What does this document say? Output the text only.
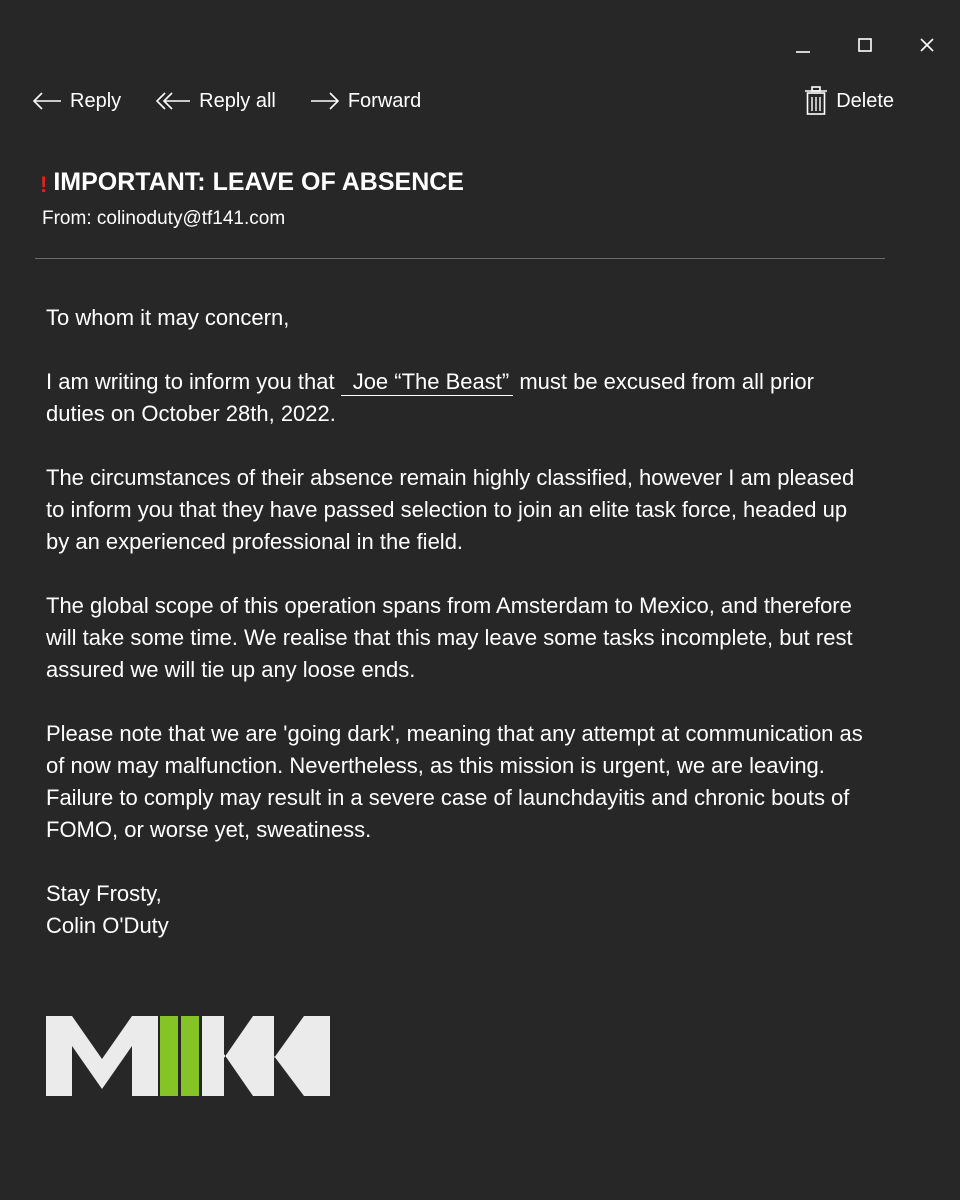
Reply	Reply all	Forward	Delete
! IMPORTANT: LEAVE OF ABSENCE
From: colinoduty@tf141.com

To whom it may concern,

I am writing to inform you that Joe “The Beast” must be excused from all prior duties on October 28th, 2022.

The circumstances of their absence remain highly classified, however I am pleased to inform you that they have passed selection to join an elite task force, headed up by an experienced professional in the field.

The global scope of this operation spans from Amsterdam to Mexico, and therefore will take some time. We realise that this may leave some tasks incomplete, but rest assured we will tie up any loose ends.

Please note that we are 'going dark', meaning that any attempt at communication as of now may malfunction. Nevertheless, as this mission is urgent, we are leaving. Failure to comply may result in a severe case of launchdayitis and chronic bouts of FOMO, or worse yet, sweatiness.

Stay Frosty,
Colin O'Duty
